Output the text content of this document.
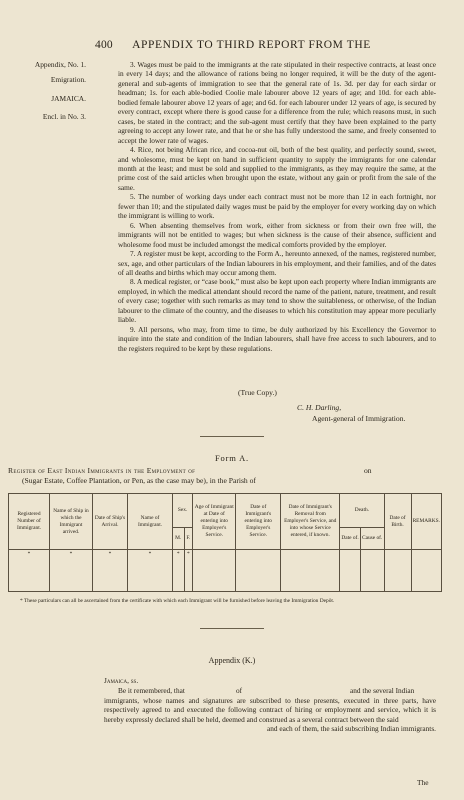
400 APPENDIX TO THIRD REPORT FROM THE
Appendix, No. 1.
Emigration.
JAMAICA.
Encl. in No. 3.

3. Wages must be paid to the immigrants at the rate stipulated in their respective contracts, at least once in every 14 days; and the allowance of rations being no longer required, it will be the duty of the agent-general and sub-agents of immigration to see that the general rate of 1s. 3d. per day for each sirdar or headman; 1s. for each able-bodied Coolie male labourer above 12 years of age; and 10d. for each able-bodied female labourer above 12 years of age; and 6d. for each labourer under 12 years of age, is secured by every contract, except where there is good cause for a difference from the rule; which reasons must, in such cases, be stated in the contract; and the sub-agent must certify that they have been explained to the party agreeing to accept any lower rate, and that he or she has fully understood the same, and freely consented to accept the lower rate of wages.

4. Rice, not being African rice, and cocoa-nut oil, both of the best quality, and perfectly sound, sweet, and wholesome, must be kept on hand in sufficient quantity to supply the immigrants for one calendar month at the least; and must be sold and supplied to the immigrants, as they may require the same, at the prime cost of the said articles when brought upon the estate, without any gain or profit from the sale of the same.

5. The number of working days under each contract must not be more than 12 in each fortnight, nor fewer than 10; and the stipulated daily wages must be paid by the employer for every working day on which the immigrant is willing to work.

6. When absenting themselves from work, either from sickness or from their own free will, the immigrants will not be entitled to wages; but when sickness is the cause of their absence, sufficient and wholesome food must be included amongst the medical comforts provided by the employer.

7. A register must be kept, according to the Form A., hereunto annexed, of the names, registered number, sex, age, and other particulars of the Indian labourers in his employment, and their families, and of the dates of all deaths and births which may occur among them.

8. A medical register, or “case book,” must also be kept upon each property where Indian immigrants are employed, in which the medical attendant should record the name of the patient, nature, treatment, and result of every case; together with such remarks as may tend to show the suitableness, or otherwise, of the Indian labourer to the climate of the country, and the diseases to which his constitution may appear more peculiarly liable.

9. All persons, who may, from time to time, be duly authorized by his Excellency the Governor to inquire into the state and condition of the Indian labourers, shall have free access to such labourers, and to the registers required to be kept by these regulations.

(True Copy.)
C. H. Darling,
Agent-general of Immigration.
Form A.
Register of East Indian Immigrants in the Employment of	on
(Sugar Estate, Coffee Plantation, or Pen, as the case may be), in the Parish of
Registered Number of Immigrant.	Name of Ship in which the Immigrant arrived.	Date of Ship's Arrival.	Name of Immigrant.	Sex.		Age of Immigrant at Date of entering into Employer's Service.	Date of Immigrant's entering into Employer's Service.	Date of Immigrant's Removal from Employer's Service, and into whose Service entered, if known.	Death.		Date of Birth.	REMARKS.
				M.	F.				Date of.	Cause of.		
*	*	*	*	*	*							
* These particulars can all be ascertained from the certificate with which each Immigrant will be furnished before leaving the Immigration Depôt.
Appendix (K.)
Jamaica, ss.
Be it remembered, that	of	and the several Indian

immigrants, whose names and signatures are subscribed to these presents, executed in three parts, have respectively agreed to and executed the following contract of hiring or employment and service, which it is hereby expressly declared shall be held, deemed and construed as a several contract between the said

and each of them, the said subscribing Indian immigrants.

The
